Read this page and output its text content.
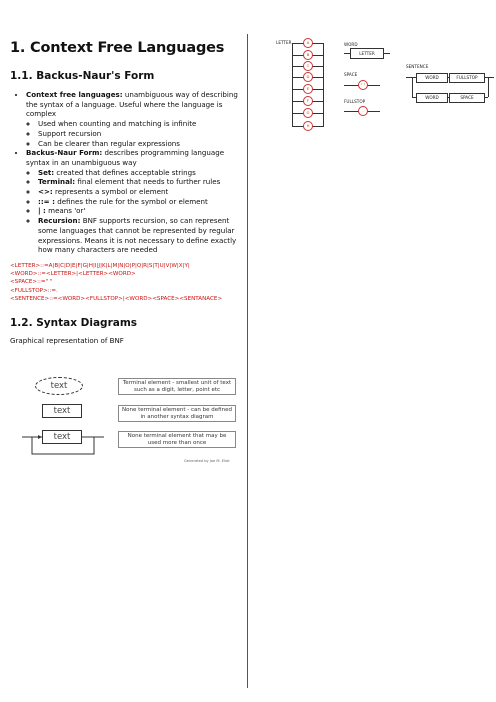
1. Context Free Languages
1.1. Backus-Naur's Form
• Context free languages: unambiguous way of describing the syntax of a language. Useful where the language is complex
◦ Used when counting and matching is infinite
◦ Support recursion
◦ Can be clearer than regular expressions
• Backus-Naur Form: describes programming language syntax in an unambiguous way
◦ Set: created that defines acceptable strings
◦ Terminal: final element that needs to further rules
◦ <>: represents a symbol or element
◦ ::= : defines the rule for the symbol or element
◦ | : means 'or'
◦ Recursion: BNF supports recursion, so can represent some languages that cannot be represented by regular expressions. Means it is not necessary to define exactly how many characters are needed
<LETTER>::=A|B|C|D|E|F|G|H|I|J|K|L|M|N|O|P|Q|R|S|T|U|V|W|X|Y|
<WORD>::=<LETTER>|<LETTER><WORD>
<SPACE>::=" "
<FULLSTOP>::=.
<SENTENCE>::=<WORD><FULLSTOP>|<WORD><SPACE><SENTANACE>
1.2. Syntax Diagrams

Graphical representation of BNF

text
text
text
Terminal element - smallest unit of text such as a digit, letter, point etc
None terminal element - can be defined in another syntax diagram
None terminal element that may be used more than once
Generated by Joe M. Eliot
LETTER	A
B
C
D
E
F
G
H
WORD
LETTER
SPACE
" "
FULLSTOP
.
SENTENCE
WORD	FULLSTOP
WORD	SPACE
